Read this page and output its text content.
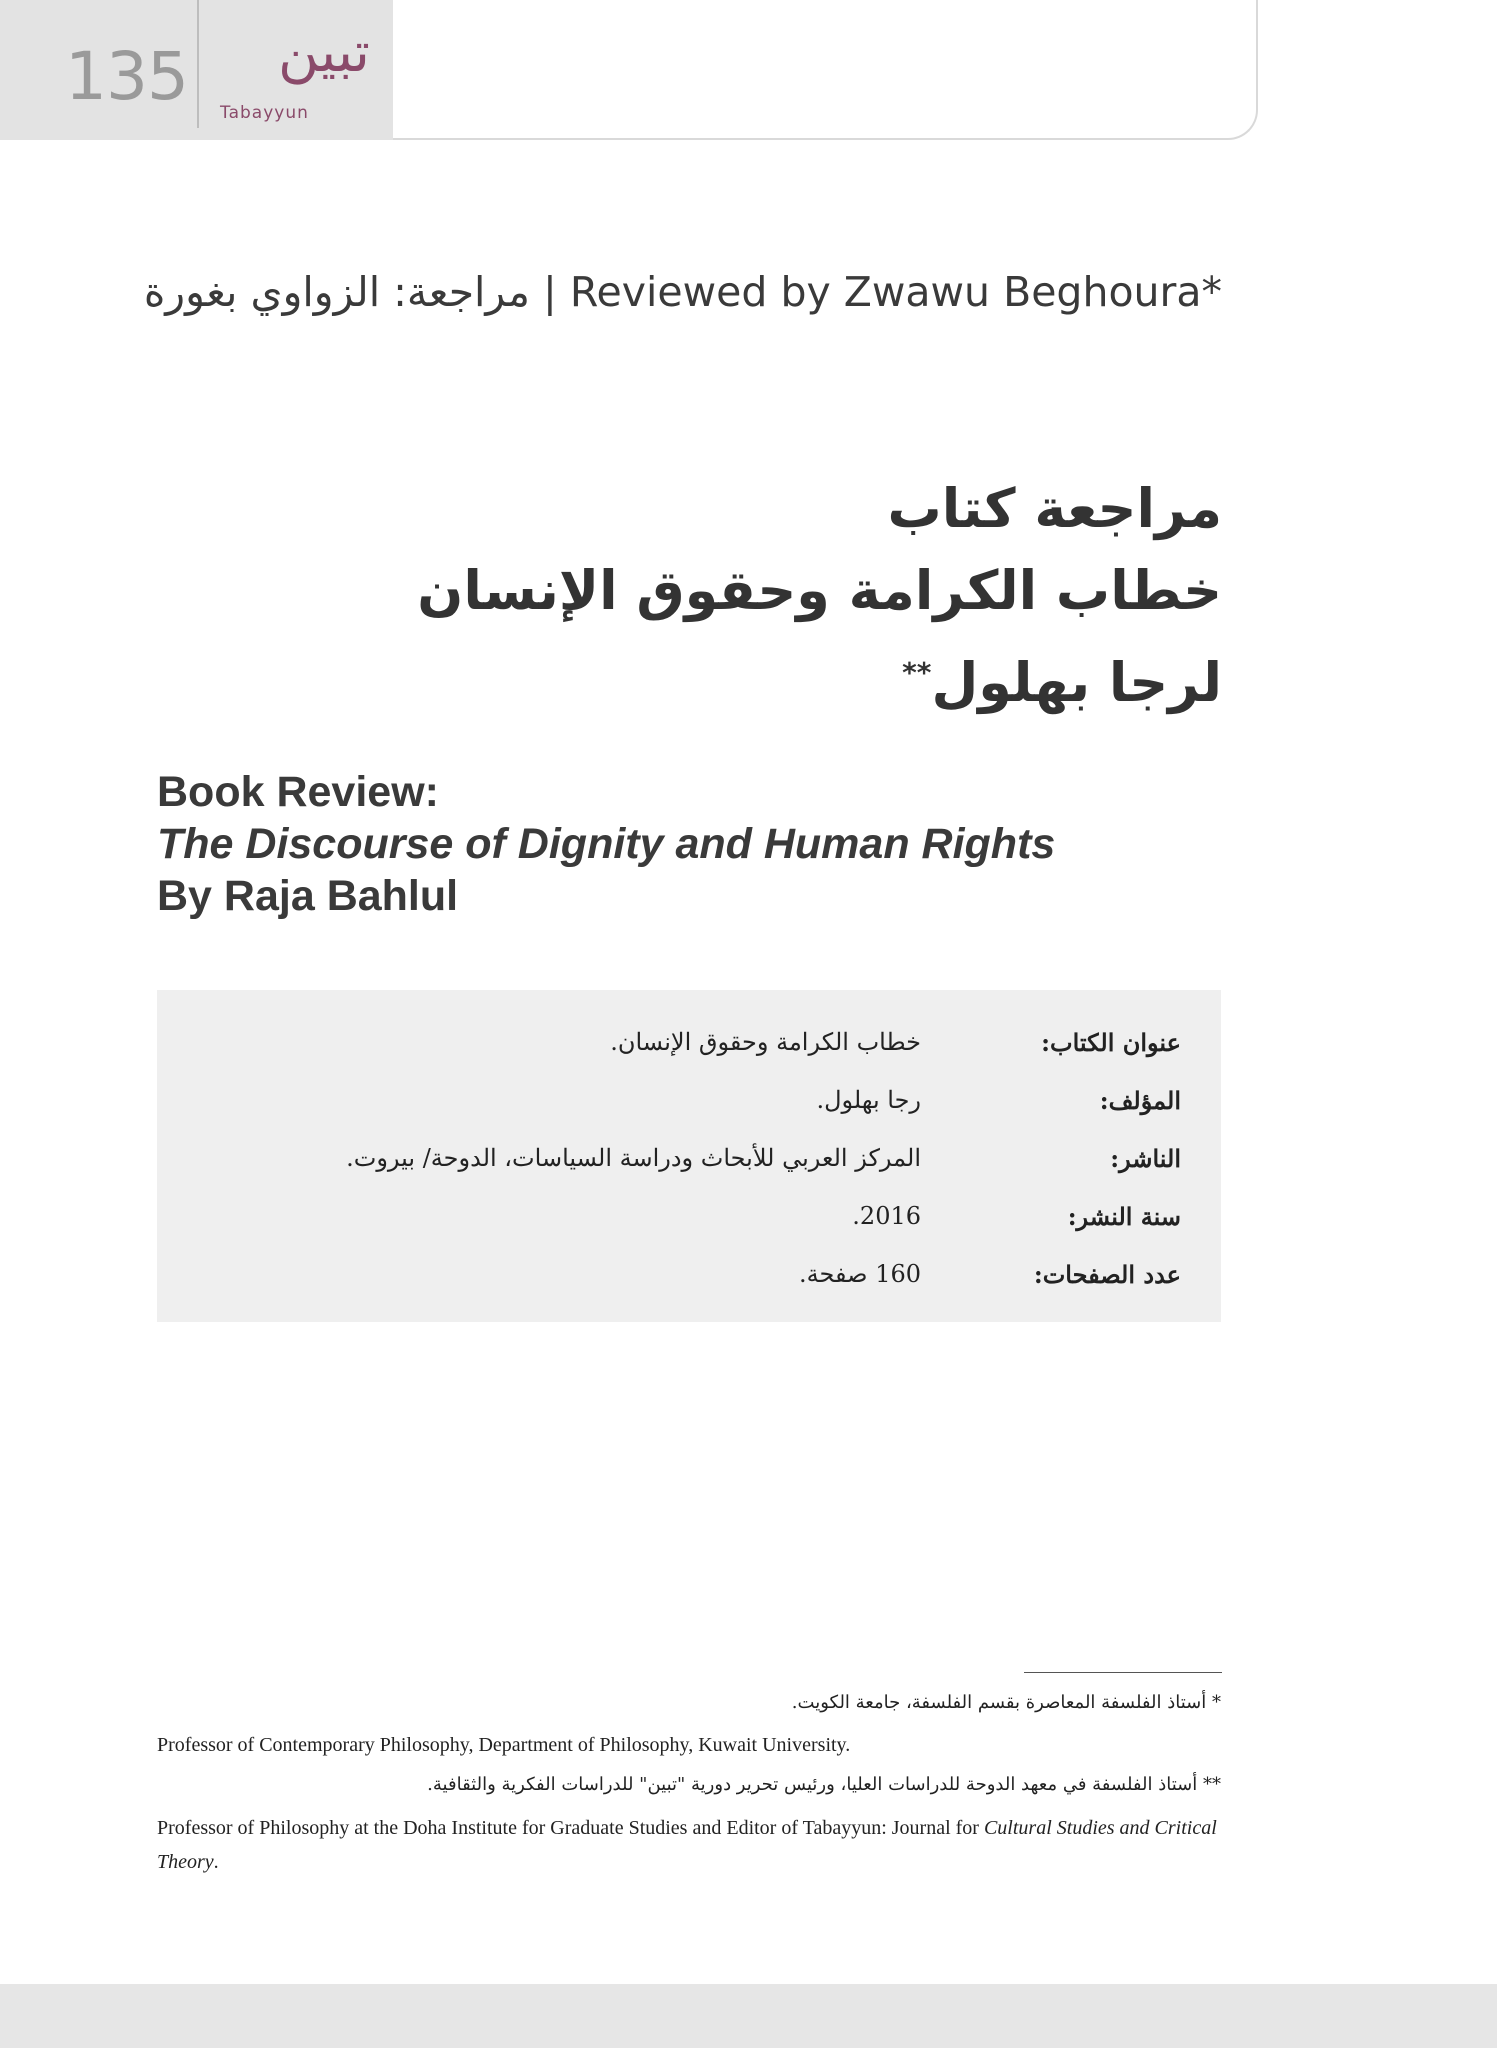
135 تبين
Tabayyun
مراجعة: الزواوي بغورة | Reviewed by Zwawu Beghoura*
مراجعة كتاب
خطاب الكرامة وحقوق الإنسان
لرجا بهلول**
Book Review:
The Discourse of Dignity and Human Rights
By Raja Bahlul
عنوان الكتاب:
خطاب الكرامة وحقوق الإنسان.
المؤلف:
رجا بهلول.
الناشر:
المركز العربي للأبحاث ودراسة السياسات، الدوحة/ بيروت.
سنة النشر:
2016.
عدد الصفحات:
160 صفحة.
* أستاذ الفلسفة المعاصرة بقسم الفلسفة، جامعة الكويت.
Professor of Contemporary Philosophy, Department of Philosophy, Kuwait University.
** أستاذ الفلسفة في معهد الدوحة للدراسات العليا، ورئيس تحرير دورية "تبين" للدراسات الفكرية والثقافية.
Professor of Philosophy at the Doha Institute for Graduate Studies and Editor of Tabayyun: Journal for Cultural Studies and Critical Theory.
